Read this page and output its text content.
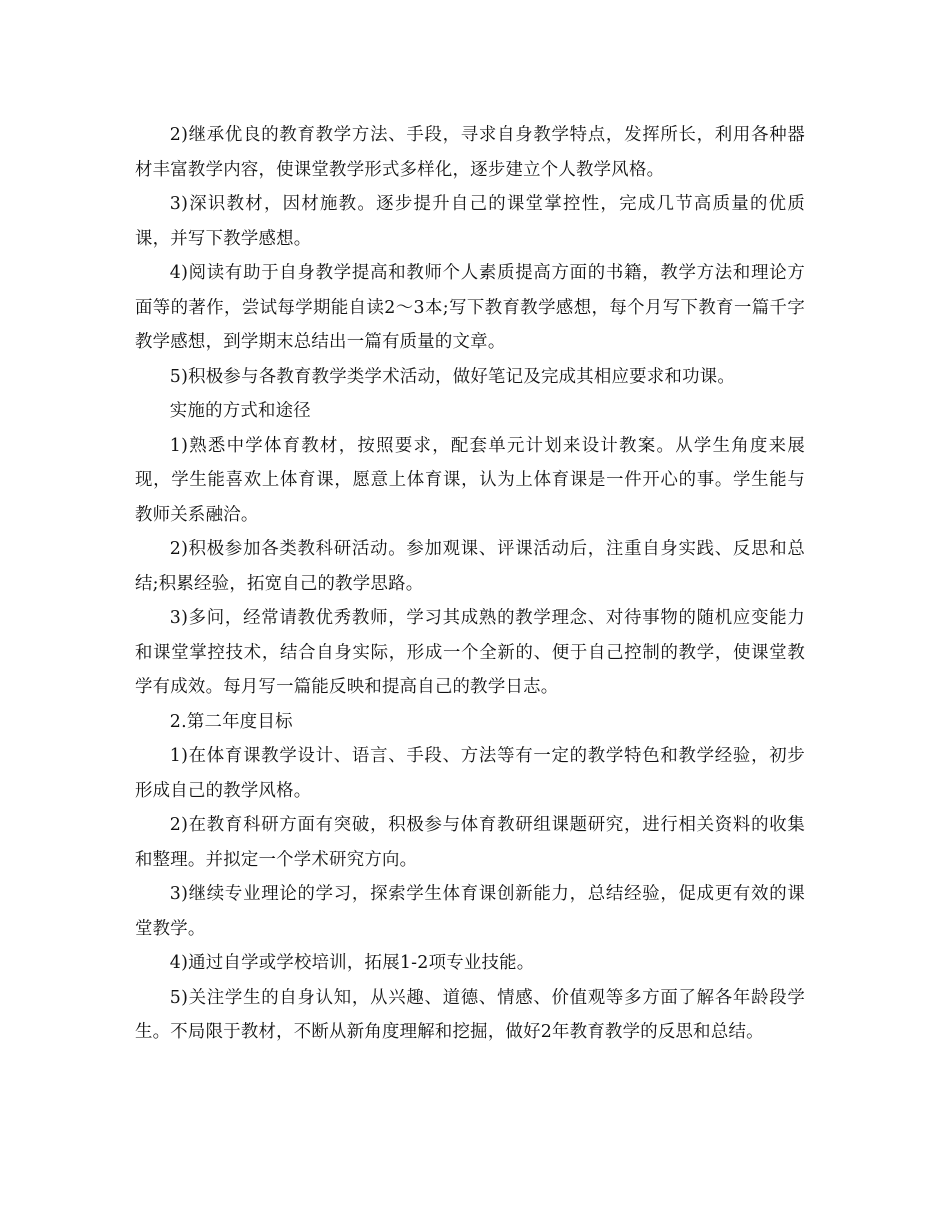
2)继承优良的教育教学方法、手段，寻求自身教学特点，发挥所长，利用各种器材丰富教学内容，使课堂教学形式多样化，逐步建立个人教学风格。

3)深识教材，因材施教。逐步提升自己的课堂掌控性，完成几节高质量的优质课，并写下教学感想。

4)阅读有助于自身教学提高和教师个人素质提高方面的书籍，教学方法和理论方面等的著作，尝试每学期能自读2～3本;写下教育教学感想，每个月写下教育一篇千字教学感想，到学期末总结出一篇有质量的文章。

5)积极参与各教育教学类学术活动，做好笔记及完成其相应要求和功课。

实施的方式和途径

1)熟悉中学体育教材，按照要求，配套单元计划来设计教案。从学生角度来展现，学生能喜欢上体育课，愿意上体育课，认为上体育课是一件开心的事。学生能与教师关系融洽。

2)积极参加各类教科研活动。参加观课、评课活动后，注重自身实践、反思和总结;积累经验，拓宽自己的教学思路。

3)多问，经常请教优秀教师，学习其成熟的教学理念、对待事物的随机应变能力和课堂掌控技术，结合自身实际，形成一个全新的、便于自己控制的教学，使课堂教学有成效。每月写一篇能反映和提高自己的教学日志。

2.第二年度目标

1)在体育课教学设计、语言、手段、方法等有一定的教学特色和教学经验，初步形成自己的教学风格。

2)在教育科研方面有突破，积极参与体育教研组课题研究，进行相关资料的收集和整理。并拟定一个学术研究方向。

3)继续专业理论的学习，探索学生体育课创新能力，总结经验，促成更有效的课堂教学。

4)通过自学或学校培训，拓展1-2项专业技能。

5)关注学生的自身认知，从兴趣、道德、情感、价值观等多方面了解各年龄段学生。不局限于教材，不断从新角度理解和挖掘，做好2年教育教学的反思和总结。
